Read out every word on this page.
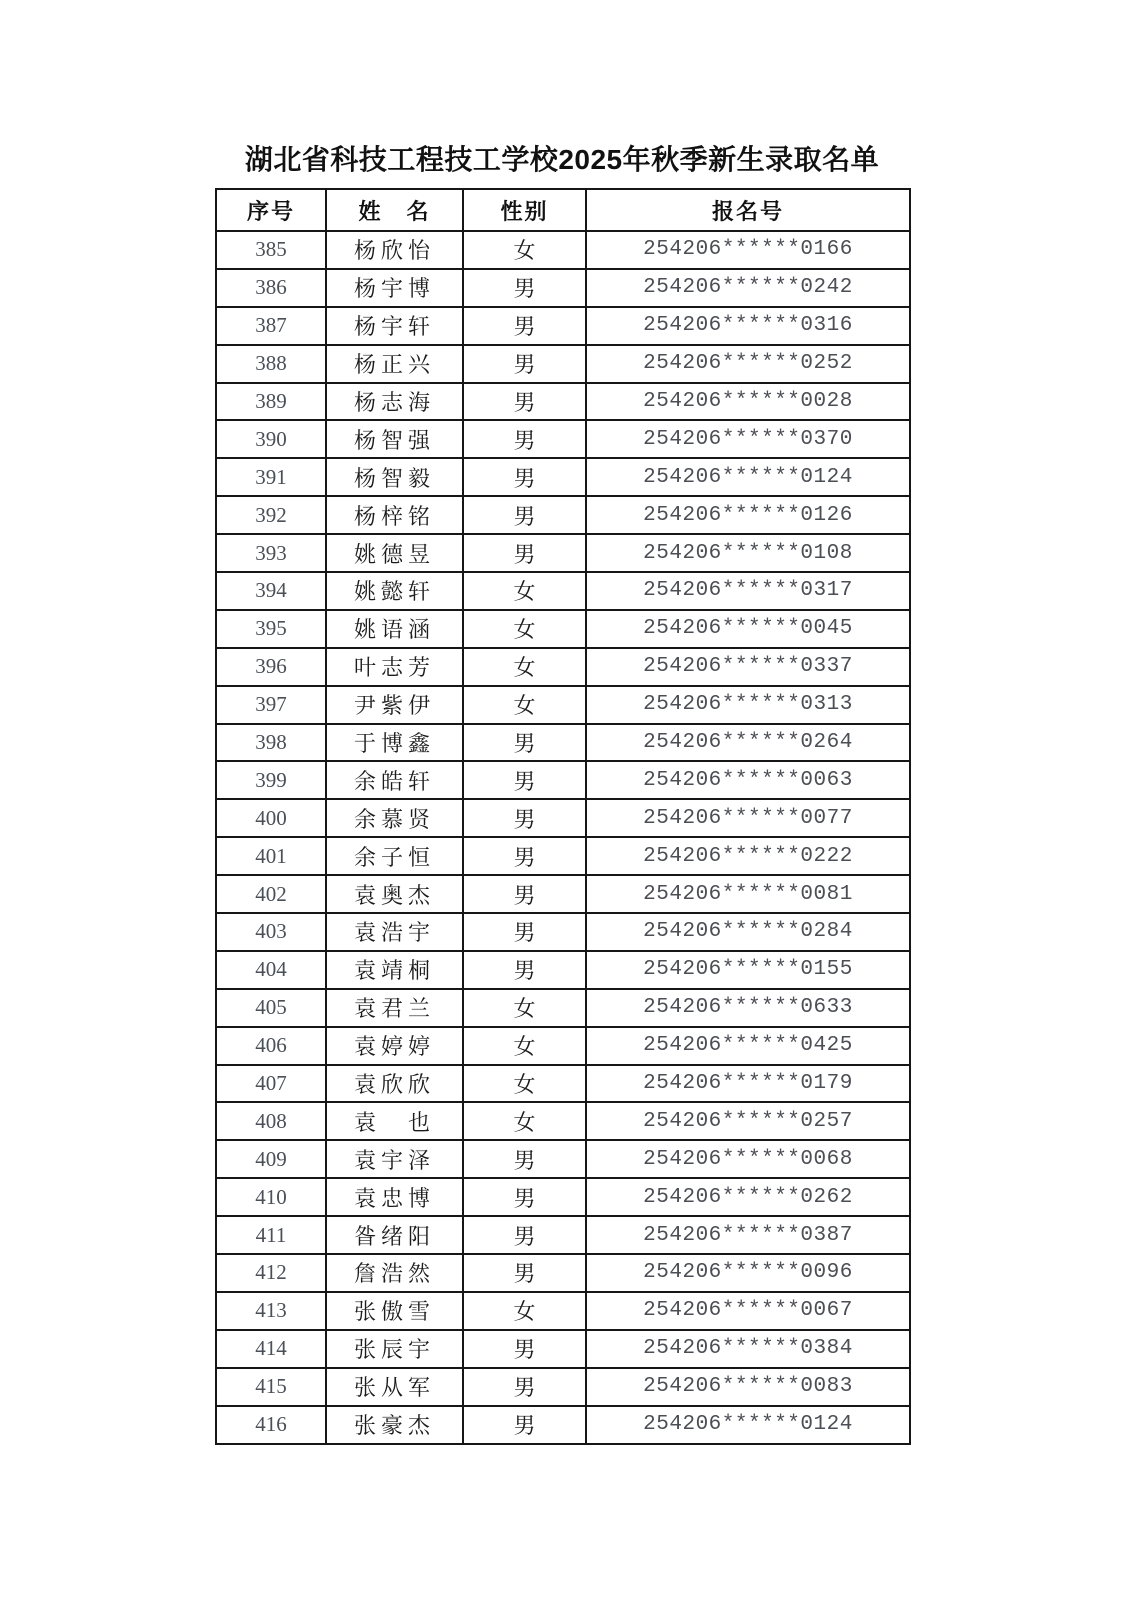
湖北省科技工程技工学校2025年秋季新生录取名单
序号	姓　名	性别	报名号
385	杨欣怡	女	254206******0166
386	杨宇博	男	254206******0242
387	杨宇轩	男	254206******0316
388	杨正兴	男	254206******0252
389	杨志海	男	254206******0028
390	杨智强	男	254206******0370
391	杨智毅	男	254206******0124
392	杨梓铭	男	254206******0126
393	姚德昱	男	254206******0108
394	姚懿轩	女	254206******0317
395	姚语涵	女	254206******0045
396	叶志芳	女	254206******0337
397	尹紫伊	女	254206******0313
398	于博鑫	男	254206******0264
399	余皓轩	男	254206******0063
400	余慕贤	男	254206******0077
401	余子恒	男	254206******0222
402	袁奥杰	男	254206******0081
403	袁浩宇	男	254206******0284
404	袁靖桐	男	254206******0155
405	袁君兰	女	254206******0633
406	袁婷婷	女	254206******0425
407	袁欣欣	女	254206******0179
408	袁　也	女	254206******0257
409	袁宇泽	男	254206******0068
410	袁忠博	男	254206******0262
411	昝绪阳	男	254206******0387
412	詹浩然	男	254206******0096
413	张傲雪	女	254206******0067
414	张辰宇	男	254206******0384
415	张从军	男	254206******0083
416	张豪杰	男	254206******0124
